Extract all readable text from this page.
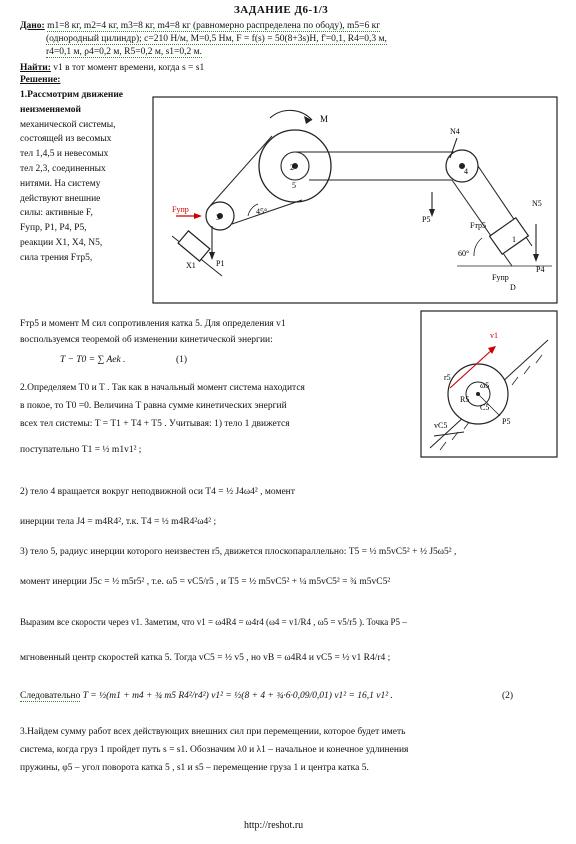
ЗАДАНИЕ Д6-1/3
Дано: m1=8 кг, m2=4 кг, m3=8 кг, m4=8 кг (равномерно распределена по ободу), m5=6 кг
(однородный цилиндр); c=210 Н/м, M=0,5 Нм, F = f(s) = 50(8+3s)Н, f'=0,1, R4=0,3 м,
r4=0,1 м, ρ4=0,2 м, R5=0,2 м, s1=0,2 м.
Найти: v1 в тот момент времени, когда s = s1
Решение:
1.Рассмотрим движение
неизменяемой
механической системы,
состоящей из весомых
тел 1,4,5 и невесомых
тел 2,3, соединенных
нитями. На систему
действуют внешние
силы: активные F,
Fупр, P1, P4, P5,
реакции X1, X4, N5,
сила трения Fтр5,
M
N4
4
5
2
3	P5
Fупр
P1
X1
N5
Fтр5
45°
60°
1
Fупр
D
P4
Fтр5 и момент M сил сопротивления катка 5. Для определения v1
воспользуемся теоремой об изменении кинетической энергии:
T − T0 = ∑ Aek .	(1)
v1
r5
C5
P5
vC5
ω5
R5
2.Определяем T0 и T . Так как в начальный момент система находится
в покое, то T0 =0. Величина T равна сумме кинетических энергий
всех тел системы: T = T1 + T4 + T5 . Учитывая: 1) тело 1 движется
поступательно T1 = ½ m1v1² ;
2) тело 4 вращается вокруг неподвижной оси T4 = ½ J4ω4² , момент
инерции тела J4 = m4R4², т.к. T4 = ½ m4R4²ω4² ;
3) тело 5, радиус инерции которого неизвестен r5, движется плоскопараллельно: T5 = ½ m5vC5² + ½ J5ω5² ,
момент инерции J5c = ½ m5r5² , т.е. ω5 = vC5/r5 , и T5 = ½ m5vC5² + ¼ m5vC5² = ¾ m5vC5²
Выразим все скорости через v1. Заметим, что v1 = ω4R4 = ω4r4 (ω4 = v1/R4 , ω5 = v5/r5 ). Точка P5 –
мгновенный центр скоростей катка 5. Тогда vC5 = ½ v5 , но vB = ω4R4 и vC5 = ½ v1 R4/r4 ;
Следовательно T = ½(m1 + m4 + ¾ m5 R4²/r4²) v1² = ½(8 + 4 + ¾·6·0,09/0,01) v1² = 16,1 v1² .	(2)
3.Найдем сумму работ всех действующих внешних сил при перемещении, которое будет иметь
система, когда груз 1 пройдет путь s = s1. Обозначим λ0 и λ1 – начальное и конечное удлинения
пружины, φ5 – угол поворота катка 5 , s1 и s5 – перемещение груза 1 и центра катка 5.
http://reshot.ru
